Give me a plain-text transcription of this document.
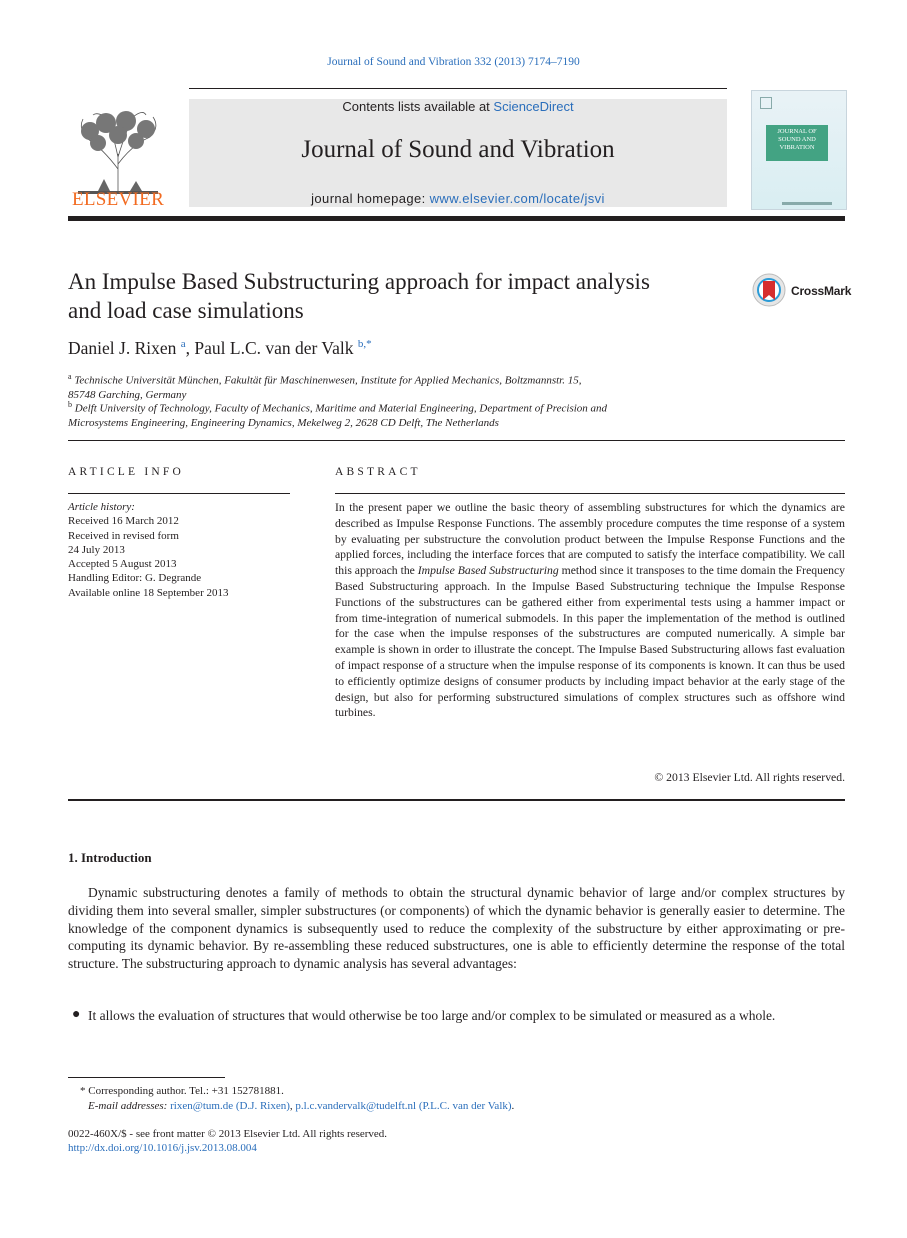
Journal of Sound and Vibration 332 (2013) 7174–7190
ELSEVIER
Contents lists available at ScienceDirect
Journal of Sound and Vibration
journal homepage: www.elsevier.com/locate/jsvi
JOURNAL OF SOUND AND VIBRATION
An Impulse Based Substructuring approach for impact analysis
and load case simulations
CrossMark
Daniel J. Rixen $^a$, Paul L.C. van der Valk $^{b,*}$
$^a$ Technische Universität München, Fakultät für Maschinenwesen, Institute for Applied Mechanics, Boltzmannstr. 15,
85748 Garching, Germany
$^b$ Delft University of Technology, Faculty of Mechanics, Maritime and Material Engineering, Department of Precision and
Microsystems Engineering, Engineering Dynamics, Mekelweg 2, 2628 CD Delft, The Netherlands
ARTICLE INFO
Article history:
Received 16 March 2012
Received in revised form
24 July 2013
Accepted 5 August 2013
Handling Editor: G. Degrande
Available online 18 September 2013
ABSTRACT
In the present paper we outline the basic theory of assembling substructures for which the dynamics are described as Impulse Response Functions. The assembly procedure computes the time response of a system by evaluating per substructure the convolution product between the Impulse Response Functions and the applied forces, including the interface forces that are computed to satisfy the interface compatibility. We call this approach the Impulse Based Substructuring method since it transposes to the time domain the Frequency Based Substructuring approach. In the Impulse Based Substructuring technique the Impulse Response Functions of the substructures can be gathered either from experimental tests using a hammer impact or from time-integration of numerical submodels. In this paper the implementation of the method is outlined for the case when the impulse responses of the substructures are computed numerically. A simple bar example is shown in order to illustrate the concept. The Impulse Based Substructuring allows fast evaluation of impact response of a structure when the impulse response of its components is known. It can thus be used to efficiently optimize designs of consumer products by including impact behavior at the early stage of the design, but also for performing substructured simulations of complex structures such as offshore wind turbines.
© 2013 Elsevier Ltd. All rights reserved.
1. Introduction
Dynamic substructuring denotes a family of methods to obtain the structural dynamic behavior of large and/or complex structures by dividing them into several smaller, simpler substructures (or components) of which the dynamic behavior is generally easier to determine. The knowledge of the component dynamics is subsequently used to reduce the complexity of the substructure by either approximating or pre-computing its dynamic behavior. By re-assembling these reduced substructures, one is able to efficiently determine the response of the total structure. The substructuring approach to dynamic analysis has several advantages:
● It allows the evaluation of structures that would otherwise be too large and/or complex to be simulated or measured as a whole.
* Corresponding author. Tel.: +31 152781881.
E-mail addresses: rixen@tum.de (D.J. Rixen), p.l.c.vandervalk@tudelft.nl (P.L.C. van der Valk).
0022-460X/$ - see front matter © 2013 Elsevier Ltd. All rights reserved.
http://dx.doi.org/10.1016/j.jsv.2013.08.004
